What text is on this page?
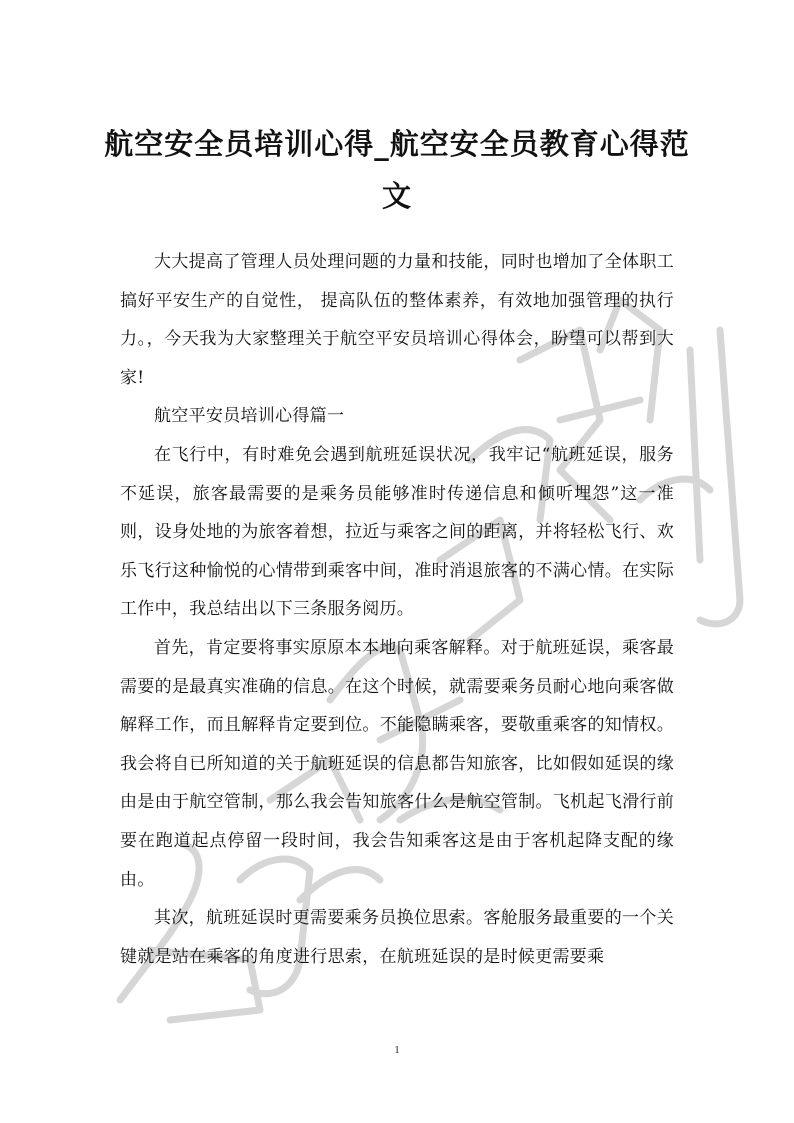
航空安全员培训心得_航空安全员教育心得范文

大大提高了管理人员处理问题的力量和技能，同时也增加了全体职工搞好平安生产的自觉性， 提高队伍的整体素养，有效地加强管理的执行力。，今天我为大家整理关于航空平安员培训心得体会，盼望可以帮到大家!

航空平安员培训心得篇一

在飞行中，有时难免会遇到航班延误状况，我牢记“航班延误，服务不延误，旅客最需要的是乘务员能够准时传递信息和倾听埋怨”这一准则，设身处地的为旅客着想，拉近与乘客之间的距离，并将轻松飞行、欢乐飞行这种愉悦的心情带到乘客中间，准时消退旅客的不满心情。在实际工作中，我总结出以下三条服务阅历。

首先，肯定要将事实原原本本地向乘客解释。对于航班延误，乘客最需要的是最真实准确的信息。在这个时候，就需要乘务员耐心地向乘客做解释工作，而且解释肯定要到位。不能隐瞒乘客，要敬重乘客的知情权。我会将自已所知道的关于航班延误的信息都告知旅客，比如假如延误的缘由是由于航空管制，那么我会告知旅客什么是航空管制。飞机起飞滑行前要在跑道起点停留一段时间，我会告知乘客这是由于客机起降支配的缘由。

其次，航班延误时更需要乘务员换位思索。客舱服务最重要的一个关键就是站在乘客的角度进行思索，在航班延误的是时候更需要乘

1
